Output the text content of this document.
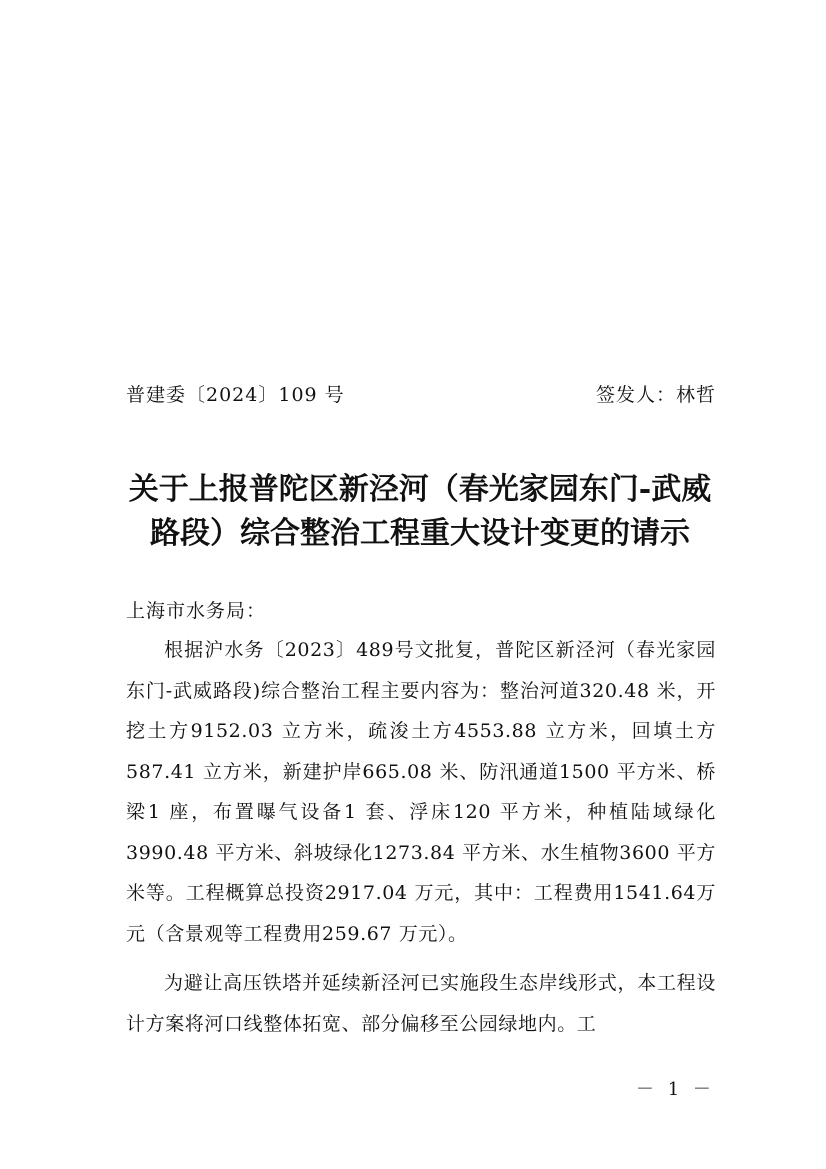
普建委〔2024〕109 号	签发人：林哲
关于上报普陀区新泾河（春光家园东门-武威
路段）综合整治工程重大设计变更的请示
上海市水务局：

根据沪水务〔2023〕489号文批复，普陀区新泾河（春光家园东门-武威路段)综合整治工程主要内容为：整治河道320.48 米，开挖土方9152.03 立方米，疏浚土方4553.88 立方米，回填土方587.41 立方米，新建护岸665.08 米、防汛通道1500 平方米、桥梁1 座，布置曝气设备1 套、浮床120 平方米，种植陆域绿化3990.48 平方米、斜坡绿化1273.84 平方米、水生植物3600 平方米等。工程概算总投资2917.04 万元，其中：工程费用1541.64万元（含景观等工程费用259.67 万元）。

为避让高压铁塔并延续新泾河已实施段生态岸线形式，本工程设计方案将河口线整体拓宽、部分偏移至公园绿地内。工

－ 1 －
